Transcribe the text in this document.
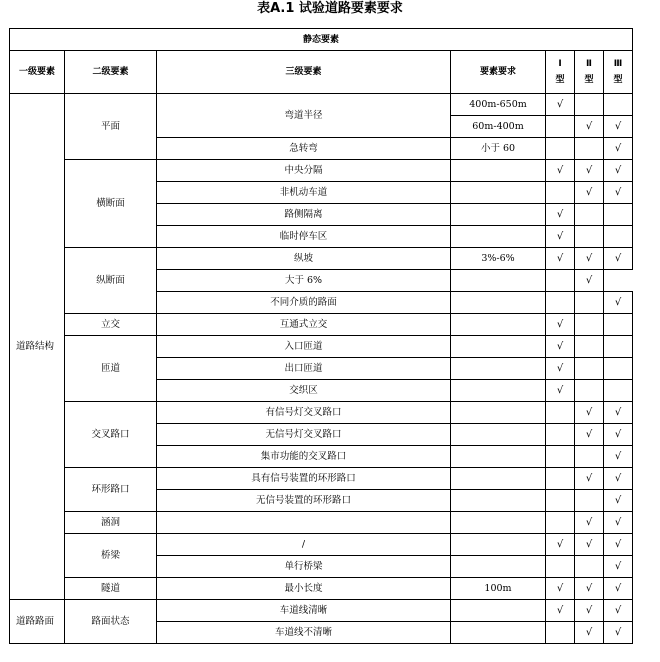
表A.1 试验道路要素要求
静态要素						
一级要素	二级要素	三级要素	要素要求	Ⅰ型	Ⅱ型	Ⅲ型
道路结构	平面	弯道半径	400m-650m	√		
			60m-400m		√	√
		急转弯	小于 60			√
	横断面	中央分隔		√	√	√
		非机动车道			√	√
		路侧隔离		√		
		临时停车区		√		
	纵断面	纵坡	3%-6%	√	√	√
		大于 6%			√	
		不同介质的路面				√
	立交	互通式立交		√		
	匝道	入口匝道		√		
		出口匝道		√		
		交织区		√		
	交叉路口	有信号灯交叉路口			√	√
		无信号灯交叉路口			√	√
		集市功能的交叉路口				√
	环形路口	具有信号装置的环形路口			√	√
		无信号装置的环形路口				√
	涵洞				√	√
	桥梁	/		√	√	√
		单行桥梁				√
	隧道	最小长度	100m	√	√	√
道路路面	路面状态	车道线清晰		√	√	√
		车道线不清晰			√	√
